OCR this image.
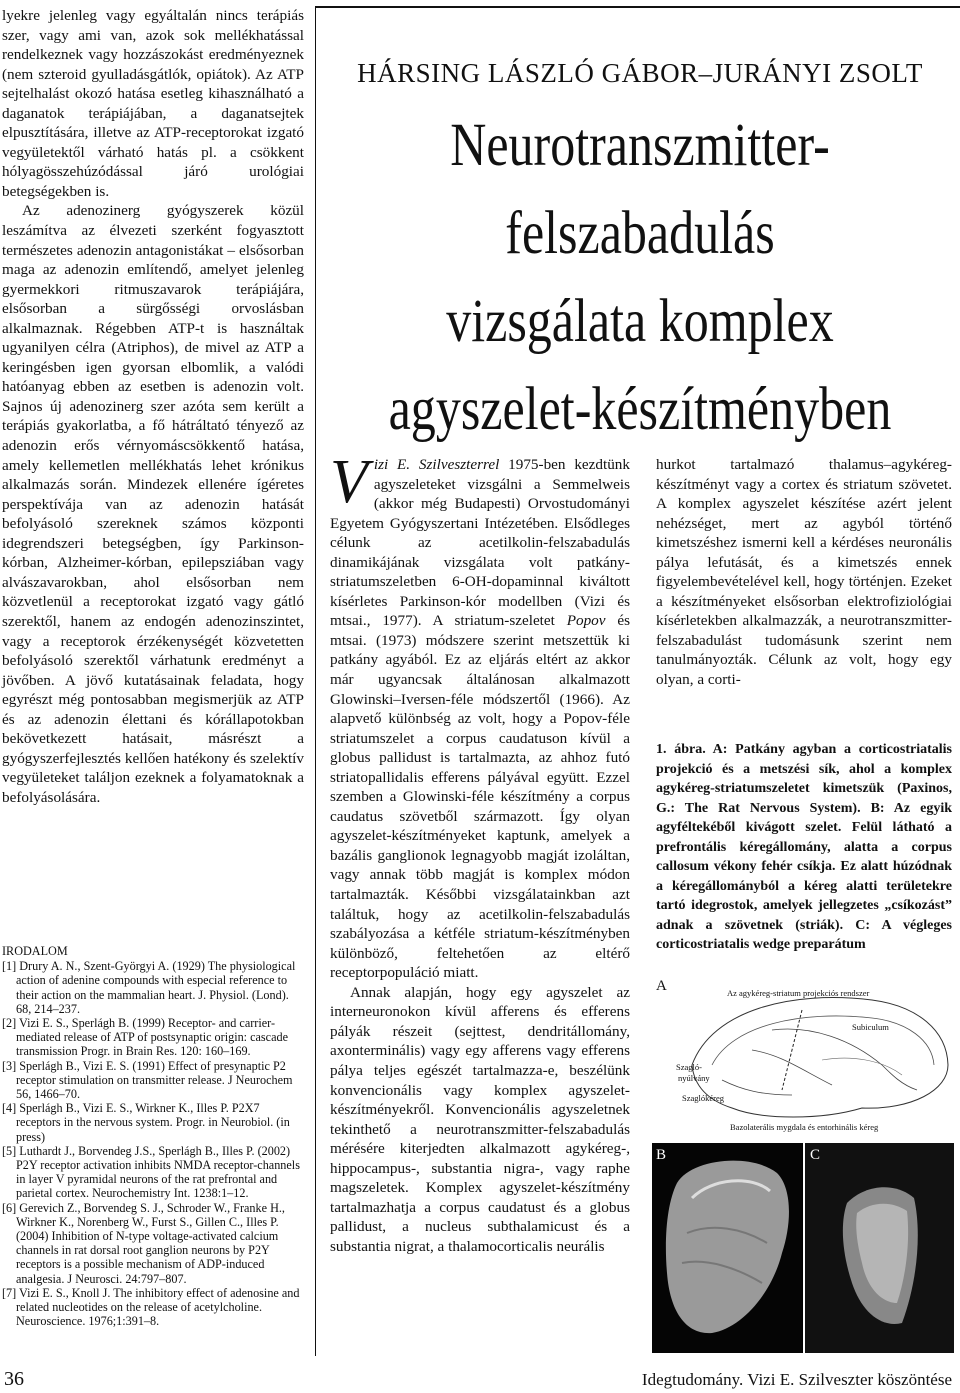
lyekre jelenleg vagy egyáltalán nincs terápiás szer, vagy ami van, azok sok mellékhatással rendelkeznek vagy hozzászokást eredményeznek (nem szteroid gyulladásgátlók, opiátok). Az ATP sejtelhalást okozó hatása esetleg kihasználható a daganatok terápiájában, a daganatsejtek elpusztítására, illetve az ATP-receptorokat izgató vegyületektől várható hatás pl. a csökkent hólyagösszehúzódással járó urológiai betegségekben is.

Az adenozinerg gyógyszerek közül leszámítva az élvezeti szerként fogyasztott természetes adenozin antagonistákat – elsősorban maga az adenozin említendő, amelyet jelenleg gyermekkori ritmuszavarok terápiájára, elsősorban a sürgősségi orvoslásban alkalmaznak. Régebben ATP-t is használtak ugyanilyen célra (Atriphos), de mivel az ATP a keringésben igen gyorsan elbomlik, a valódi hatóanyag ebben az esetben is adenozin volt. Sajnos új adenozinerg szer azóta sem került a terápiás gyakorlatba, a fő hátráltató tényező az adenozin erős vérnyomáscsökkentő hatása, amely kellemetlen mellékhatás lehet krónikus alkalmazás során. Mindezek ellenére ígéretes perspektívája van az adenozin hatását befolyásoló szereknek számos központi idegrendszeri betegségben, így Parkinson-kórban, Alzheimer-kórban, epilepsziában vagy alvászavarokban, ahol elsősorban nem közvetlenül a receptorokat izgató vagy gátló szerektől, hanem az endogén adenozinszintet, vagy a receptorok érzékenységét közvetetten befolyásoló szerektől várhatunk eredményt a jövőben. A jövő kutatásainak feladata, hogy egyrészt még pontosabban megismerjük az ATP és az adenozin élettani és kórállapotokban bekövetkezett hatásait, másrészt a gyógyszerfejlesztés kellően hatékony és szelektív vegyületeket találjon ezeknek a folyamatoknak a befolyásolására.

IRODALOM
[1] Drury A. N., Szent-Györgyi A. (1929) The physiological action of adenine compounds with especial reference to their action on the mammalian heart. J. Physiol. (Lond). 68, 214–237.
[2] Vizi E. S., Sperlágh B. (1999) Receptor- and carrier-mediated release of ATP of postsynaptic origin: cascade transmission Progr. in Brain Res. 120: 160–169.
[3] Sperlágh B., Vizi E. S. (1991) Effect of presynaptic P2 receptor stimulation on transmitter release. J Neurochem 56, 1466–70.
[4] Sperlágh B., Vizi E. S., Wirkner K., Illes P. P2X7 receptors in the nervous system. Progr. in Neurobiol. (in press)
[5] Luthardt J., Borvendeg J.S., Sperlágh B., Illes P. (2002) P2Y receptor activation inhibits NMDA receptor-channels in layer V pyramidal neurons of the rat prefrontal and parietal cortex. Neurochemistry Int. 1238:1–12.
[6] Gerevich Z., Borvendeg S. J., Schroder W., Franke H., Wirkner K., Norenberg W., Furst S., Gillen C., Illes P. (2004) Inhibition of N-type voltage-activated calcium channels in rat dorsal root ganglion neurons by P2Y receptors is a possible mechanism of ADP-induced analgesia. J Neurosci. 24:797–807.
[7] Vizi E. S., Knoll J. The inhibitory effect of adenosine and related nucleotides on the release of acetylcholine. Neuroscience. 1976;1:391–8.
HÁRSING LÁSZLÓ GÁBOR–JURÁNYI ZSOLT
Neurotranszmitter-
felszabadulás
vizsgálata komplex
agyszelet-készítményben

Vizi E. Szilveszterrel 1975-ben kezdtünk agyszeleteket vizsgálni a Semmelweis (akkor még Budapesti) Orvostudományi Egyetem Gyógyszertani Intézetében. Elsődleges célunk az acetilkolin-felszabadulás dinamikájának vizsgálata volt patkány-striatumszeletben 6-OH-dopaminnal kiváltott kísérletes Parkinson-kór modellben (Vizi és mtsai., 1977). A striatum-szeletet Popov és mtsai. (1973) módszere szerint metszettük ki patkány agyából. Ez az eljárás eltért az akkor már ugyancsak általánosan alkalmazott Glowinski–Iversen-féle módszertől (1966). Az alapvető különbség az volt, hogy a Popov-féle striatumszelet a corpus caudatuson kívül a globus pallidust is tartalmazta, az ahhoz futó striatopallidalis efferens pályával együtt. Ezzel szemben a Glowinski-féle készítmény a corpus caudatus szövetből származott. Így olyan agyszelet-készítményeket kaptunk, amelyek a bazális ganglionok legnagyobb magját izoláltan, vagy annak több magját is komplex módon tartalmazták. Későbbi vizsgálatainkban azt találtuk, hogy az acetilkolin-felszabadulás szabályozása a kétféle striatum-készítményben különböző, feltehetően az eltérő receptorpopuláció miatt.

Annak alapján, hogy egy agyszelet az interneuronokon kívül afferens és efferens pályák részeit (sejttest, dendritállomány, axonterminális) vagy egy afferens vagy efferens pálya teljes egészét tartalmazza-e, beszélünk konvencionális vagy komplex agyszelet-készítményekről. Konvencionális agyszeletnek tekinthető a neurotranszmitter-felszabadulás mérésére kiterjedten alkalmazott agykéreg-, hippocampus-, substantia nigra-, vagy raphe magszeletek. Komplex agyszelet-készítmény tartalmazhatja a corpus caudatust és a globus pallidust, a nucleus subthalamicust és a substantia nigrat, a thalamocorticalis neurális

hurkot tartalmazó thalamus–agykéreg-készítményt vagy a cortex és striatum szövetet. A komplex agyszelet készítése azért jelent nehézséget, mert az agyból történő kimetszéshez ismerni kell a kérdéses neuronális pálya lefutását, és a kimetszés ennek figyelembevételével kell, hogy történjen. Ezeket a készítményeket elsősorban elektrofiziológiai kísérletekben alkalmazzák, a neurotranszmitter-felszabadulást tudomásunk szerint nem tanulmányozták. Célunk az volt, hogy egy olyan, a corti-

1. ábra. A: Patkány agyban a corticostriatalis projekció és a metszési sík, ahol a komplex agykéreg-striatumszeletet kimetszük (Paxinos, G.: The Rat Nervous System). B: Az egyik agyféltekéből kivágott szelet. Felül látható a prefrontális kéregállomány, alatta a corpus callosum vékony fehér csíkja. Ez alatt húzódnak a kéregállományból a kéreg alatti területekre tartó idegrostok, amelyek jellegzetes „csíkozást” adnak a szövetnek (striák). C: A végleges corticostriatalis wedge preparátum
A	Az agykéreg-striatum projekciós rendszer
Subiculum
Szagló-
nyúlvány
Szaglókéreg
Bazolaterális mygdala és entorhinális kéreg
B	C
36	Idegtudomány. Vizi E. Szilveszter köszöntése
